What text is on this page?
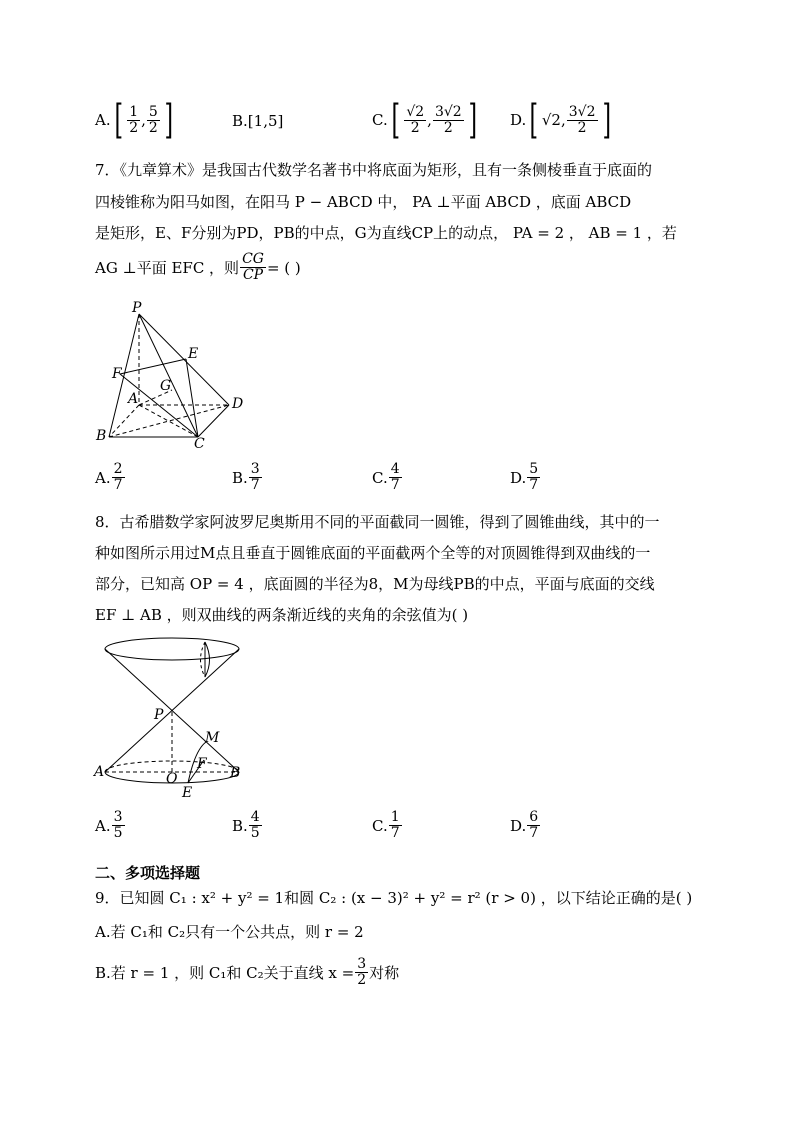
A. [ $\frac{1}{2}$ , $\frac{5}{2}$ ]	B. [1,5]	C. [ $\frac{√2}{2}$ , $\frac{3√2}{2}$ ] D. [ √2, $\frac{3√2}{2}$ ]
7．《九章算术》是我国古代数学名著书中将底面为矩形，且有一条侧棱垂直于底面的
四棱锥称为阳马如图，在阳马 P − ABCD 中， PA ⊥平面 ABCD ，底面 ABCD
是矩形，E、F分别为PD，PB的中点，G为直线CP上的动点， PA = 2 ， AB = 1 ，若
AG ⊥平面 EFC ，则 $\frac{CG}{CP}$ = ( )
P
E
F
G
A	D
B	C
A. $\frac{2}{7}$	B. $\frac{3}{7}$	C. $\frac{4}{7}$	D. $\frac{5}{7}$
8．古希腊数学家阿波罗尼奥斯用不同的平面截同一圆锥，得到了圆锥曲线，其中的一
种如图所示用过M点且垂直于圆锥底面的平面截两个全等的对顶圆锥得到双曲线的一
部分，已知高 OP = 4 ，底面圆的半径为8，M为母线PB的中点，平面与底面的交线
EF ⊥ AB ，则双曲线的两条渐近线的夹角的余弦值为( )
P
M
A	F
B
O
E
A. $\frac{3}{5}$	B. $\frac{4}{5}$	C. $\frac{1}{7}$	D. $\frac{6}{7}$
二、多项选择题
9．已知圆 C₁ : x² + y² = 1和圆 C₂ : (x − 3)² + y² = r² (r > 0) ，以下结论正确的是( )
A.若 C₁和 C₂只有一个公共点，则 r = 2
B.若 r = 1 ，则 C₁和 C₂关于直线 $x = \frac{3}{2}$ 对称
